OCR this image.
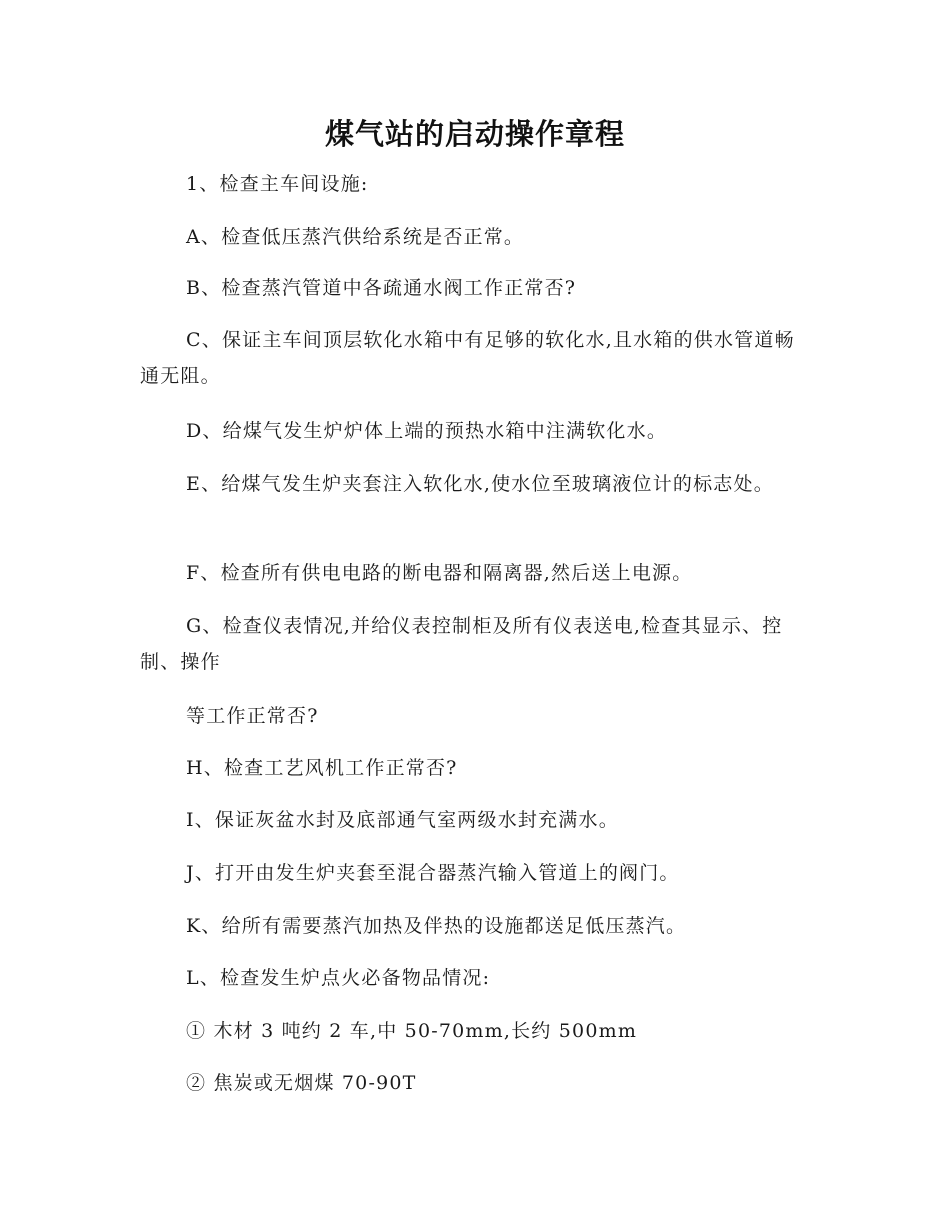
煤气站的启动操作章程
1、检查主车间设施:
A、检查低压蒸汽供给系统是否正常。
B、检查蒸汽管道中各疏通水阀工作正常否?
C、保证主车间顶层软化水箱中有足够的软化水,且水箱的供水管道畅通无阻。
D、给煤气发生炉炉体上端的预热水箱中注满软化水。
E、给煤气发生炉夹套注入软化水,使水位至玻璃液位计的标志处。
F、检查所有供电电路的断电器和隔离器,然后送上电源。
G、检查仪表情况,并给仪表控制柜及所有仪表送电,检查其显示、控制、操作
等工作正常否?
H、检查工艺风机工作正常否?
I、保证灰盆水封及底部通气室两级水封充满水。
J、打开由发生炉夹套至混合器蒸汽输入管道上的阀门。
K、给所有需要蒸汽加热及伴热的设施都送足低压蒸汽。
L、检查发生炉点火必备物品情况:
① 木材 3 吨约 2 车,中 50-70mm,长约 500mm
② 焦炭或无烟煤 70-90T
